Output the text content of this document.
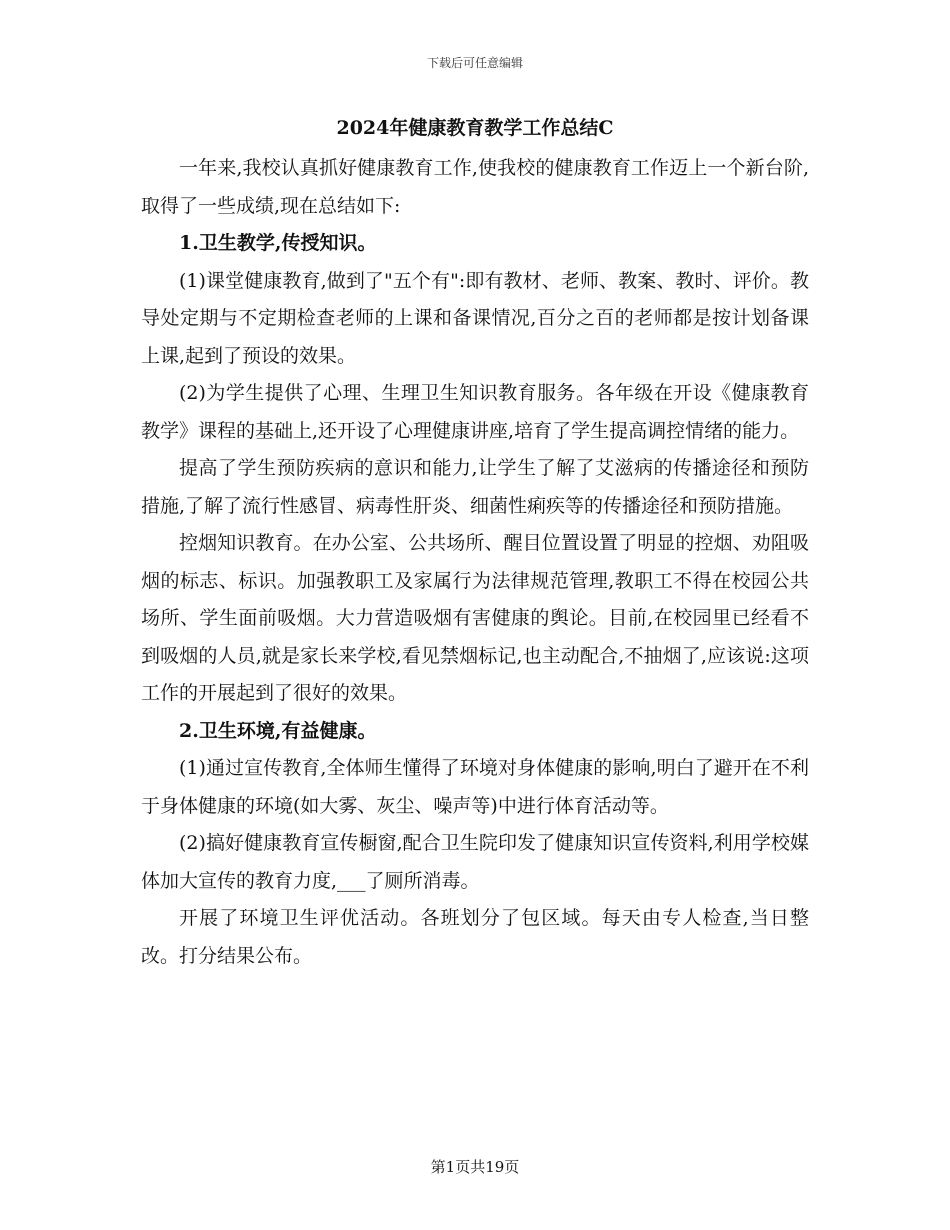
下载后可任意编辑
2024年健康教育教学工作总结C

一年来,我校认真抓好健康教育工作,使我校的健康教育工作迈上一个新台阶,取得了一些成绩,现在总结如下:

1.卫生教学,传授知识。

(1)课堂健康教育,做到了"五个有":即有教材、老师、教案、教时、评价。教导处定期与不定期检查老师的上课和备课情况,百分之百的老师都是按计划备课上课,起到了预设的效果。

(2)为学生提供了心理、生理卫生知识教育服务。各年级在开设《健康教育教学》课程的基础上,还开设了心理健康讲座,培育了学生提高调控情绪的能力。

提高了学生预防疾病的意识和能力,让学生了解了艾滋病的传播途径和预防措施,了解了流行性感冒、病毒性肝炎、细菌性痢疾等的传播途径和预防措施。

控烟知识教育。在办公室、公共场所、醒目位置设置了明显的控烟、劝阻吸烟的标志、标识。加强教职工及家属行为法律规范管理,教职工不得在校园公共场所、学生面前吸烟。大力营造吸烟有害健康的舆论。目前,在校园里已经看不到吸烟的人员,就是家长来学校,看见禁烟标记,也主动配合,不抽烟了,应该说:这项工作的开展起到了很好的效果。

2.卫生环境,有益健康。

(1)通过宣传教育,全体师生懂得了环境对身体健康的影响,明白了避开在不利于身体健康的环境(如大雾、灰尘、噪声等)中进行体育活动等。

(2)搞好健康教育宣传橱窗,配合卫生院印发了健康知识宣传资料,利用学校媒体加大宣传的教育力度,___了厕所消毒。

开展了环境卫生评优活动。各班划分了包区域。每天由专人检查,当日整改。打分结果公布。

第1页共19页
